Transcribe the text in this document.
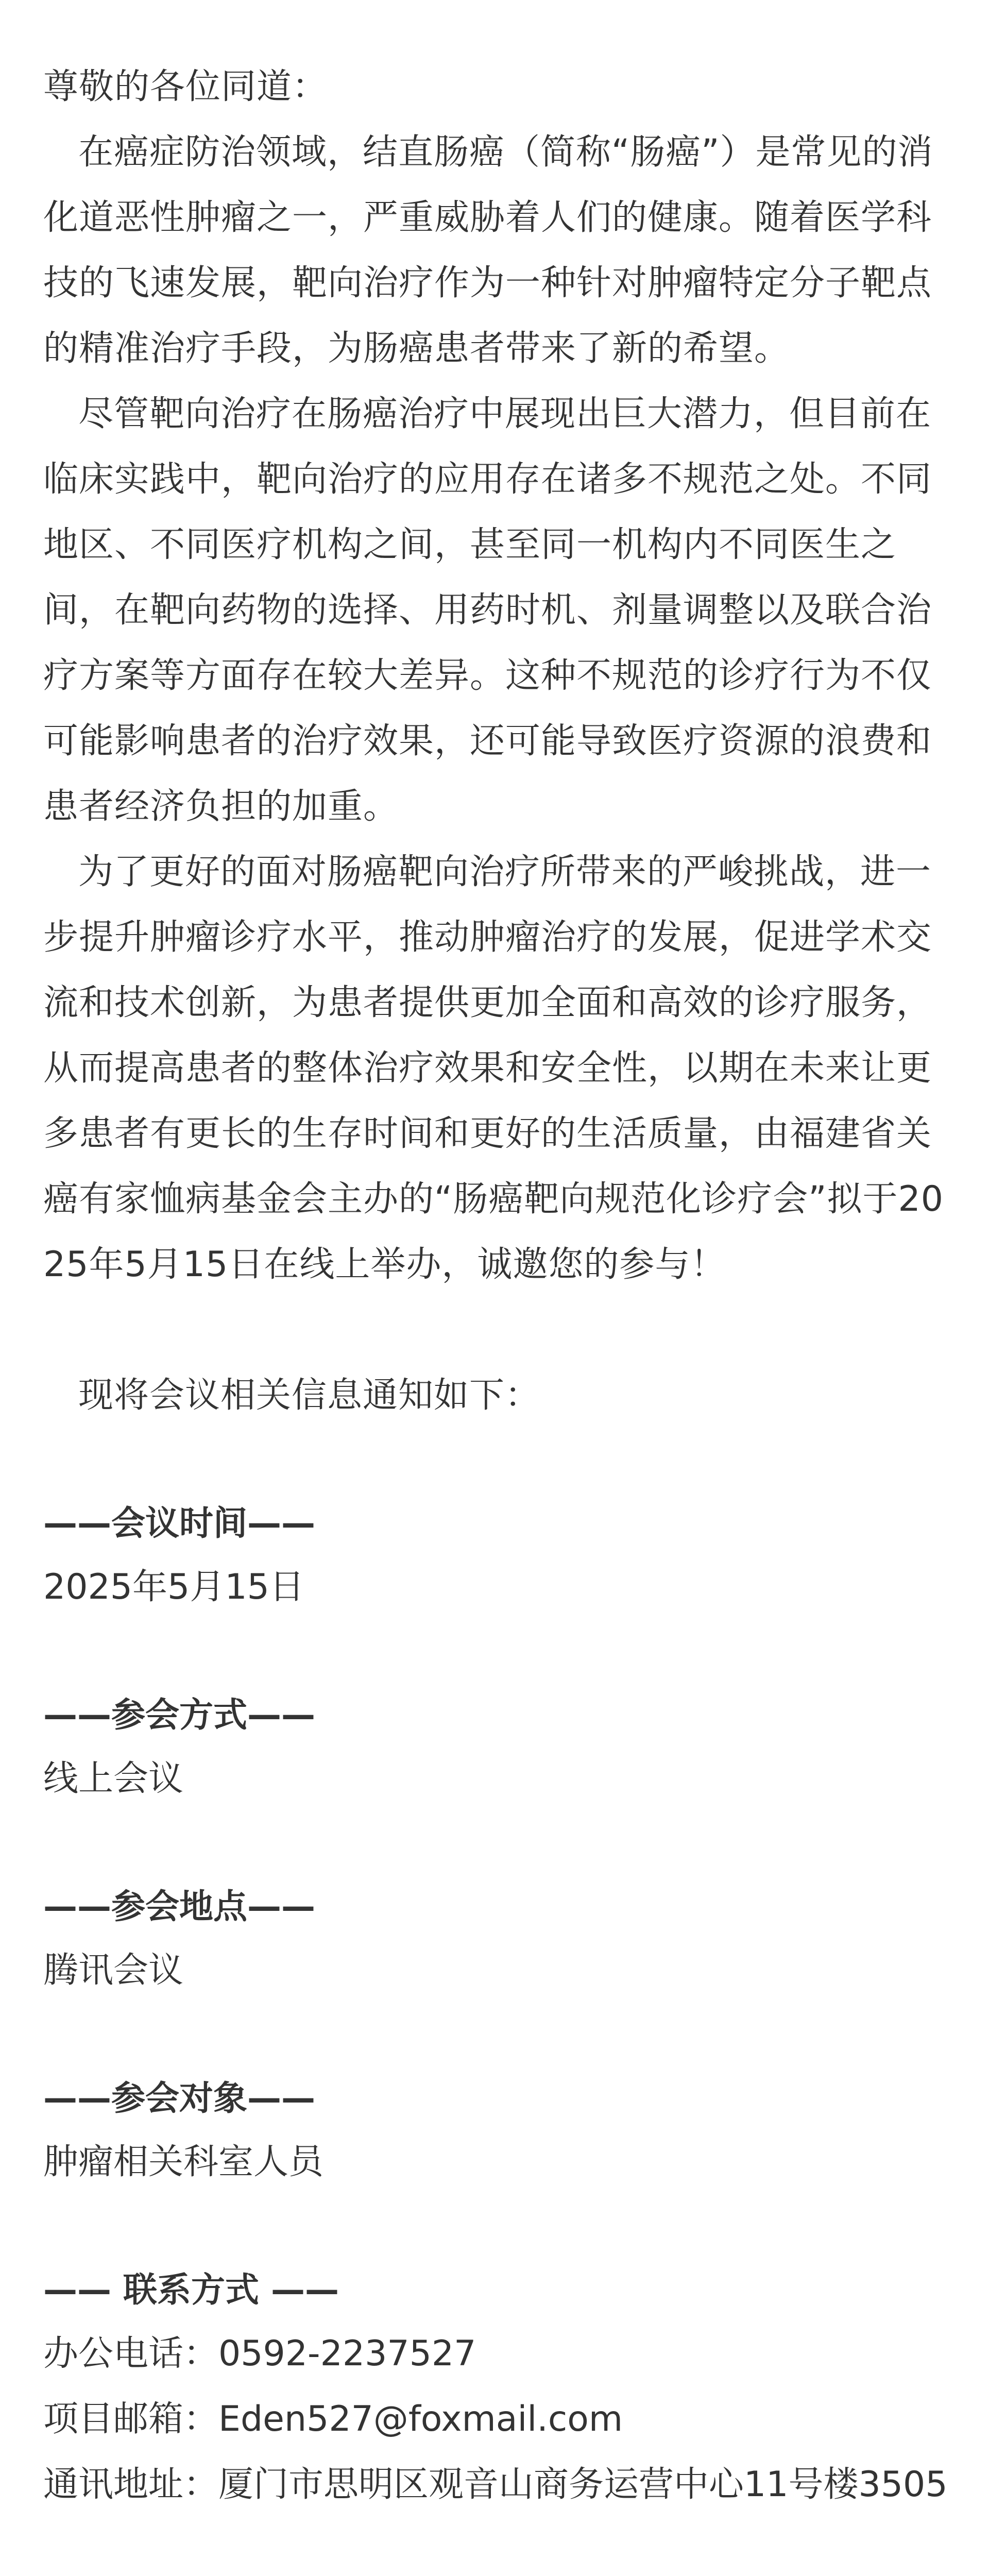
尊敬的各位同道：

在癌症防治领域，结直肠癌（简称“肠癌”）是常见的消化道恶性肿瘤之一，严重威胁着人们的健康。随着医学科技的飞速发展，靶向治疗作为一种针对肿瘤特定分子靶点的精准治疗手段，为肠癌患者带来了新的希望。

尽管靶向治疗在肠癌治疗中展现出巨大潜力，但目前在临床实践中，靶向治疗的应用存在诸多不规范之处。不同地区、不同医疗机构之间，甚至同一机构内不同医生之间，在靶向药物的选择、用药时机、剂量调整以及联合治疗方案等方面存在较大差异。这种不规范的诊疗行为不仅可能影响患者的治疗效果，还可能导致医疗资源的浪费和患者经济负担的加重。

为了更好的面对肠癌靶向治疗所带来的严峻挑战，进一步提升肿瘤诊疗水平，推动肿瘤治疗的发展，促进学术交流和技术创新，为患者提供更加全面和高效的诊疗服务，从而提高患者的整体治疗效果和安全性，以期在未来让更多患者有更长的生存时间和更好的生活质量，由福建省关癌有家恤病基金会主办的“肠癌靶向规范化诊疗会”拟于2025年5月15日在线上举办，诚邀您的参与！

现将会议相关信息通知如下：

——会议时间——

2025年5月15日

——参会方式——

线上会议

——参会地点——

腾讯会议

——参会对象——

肿瘤相关科室人员

—— 联系方式 ——

办公电话：0592-2237527

项目邮箱：Eden527@foxmail.com

通讯地址：厦门市思明区观音山商务运营中心11号楼3505
